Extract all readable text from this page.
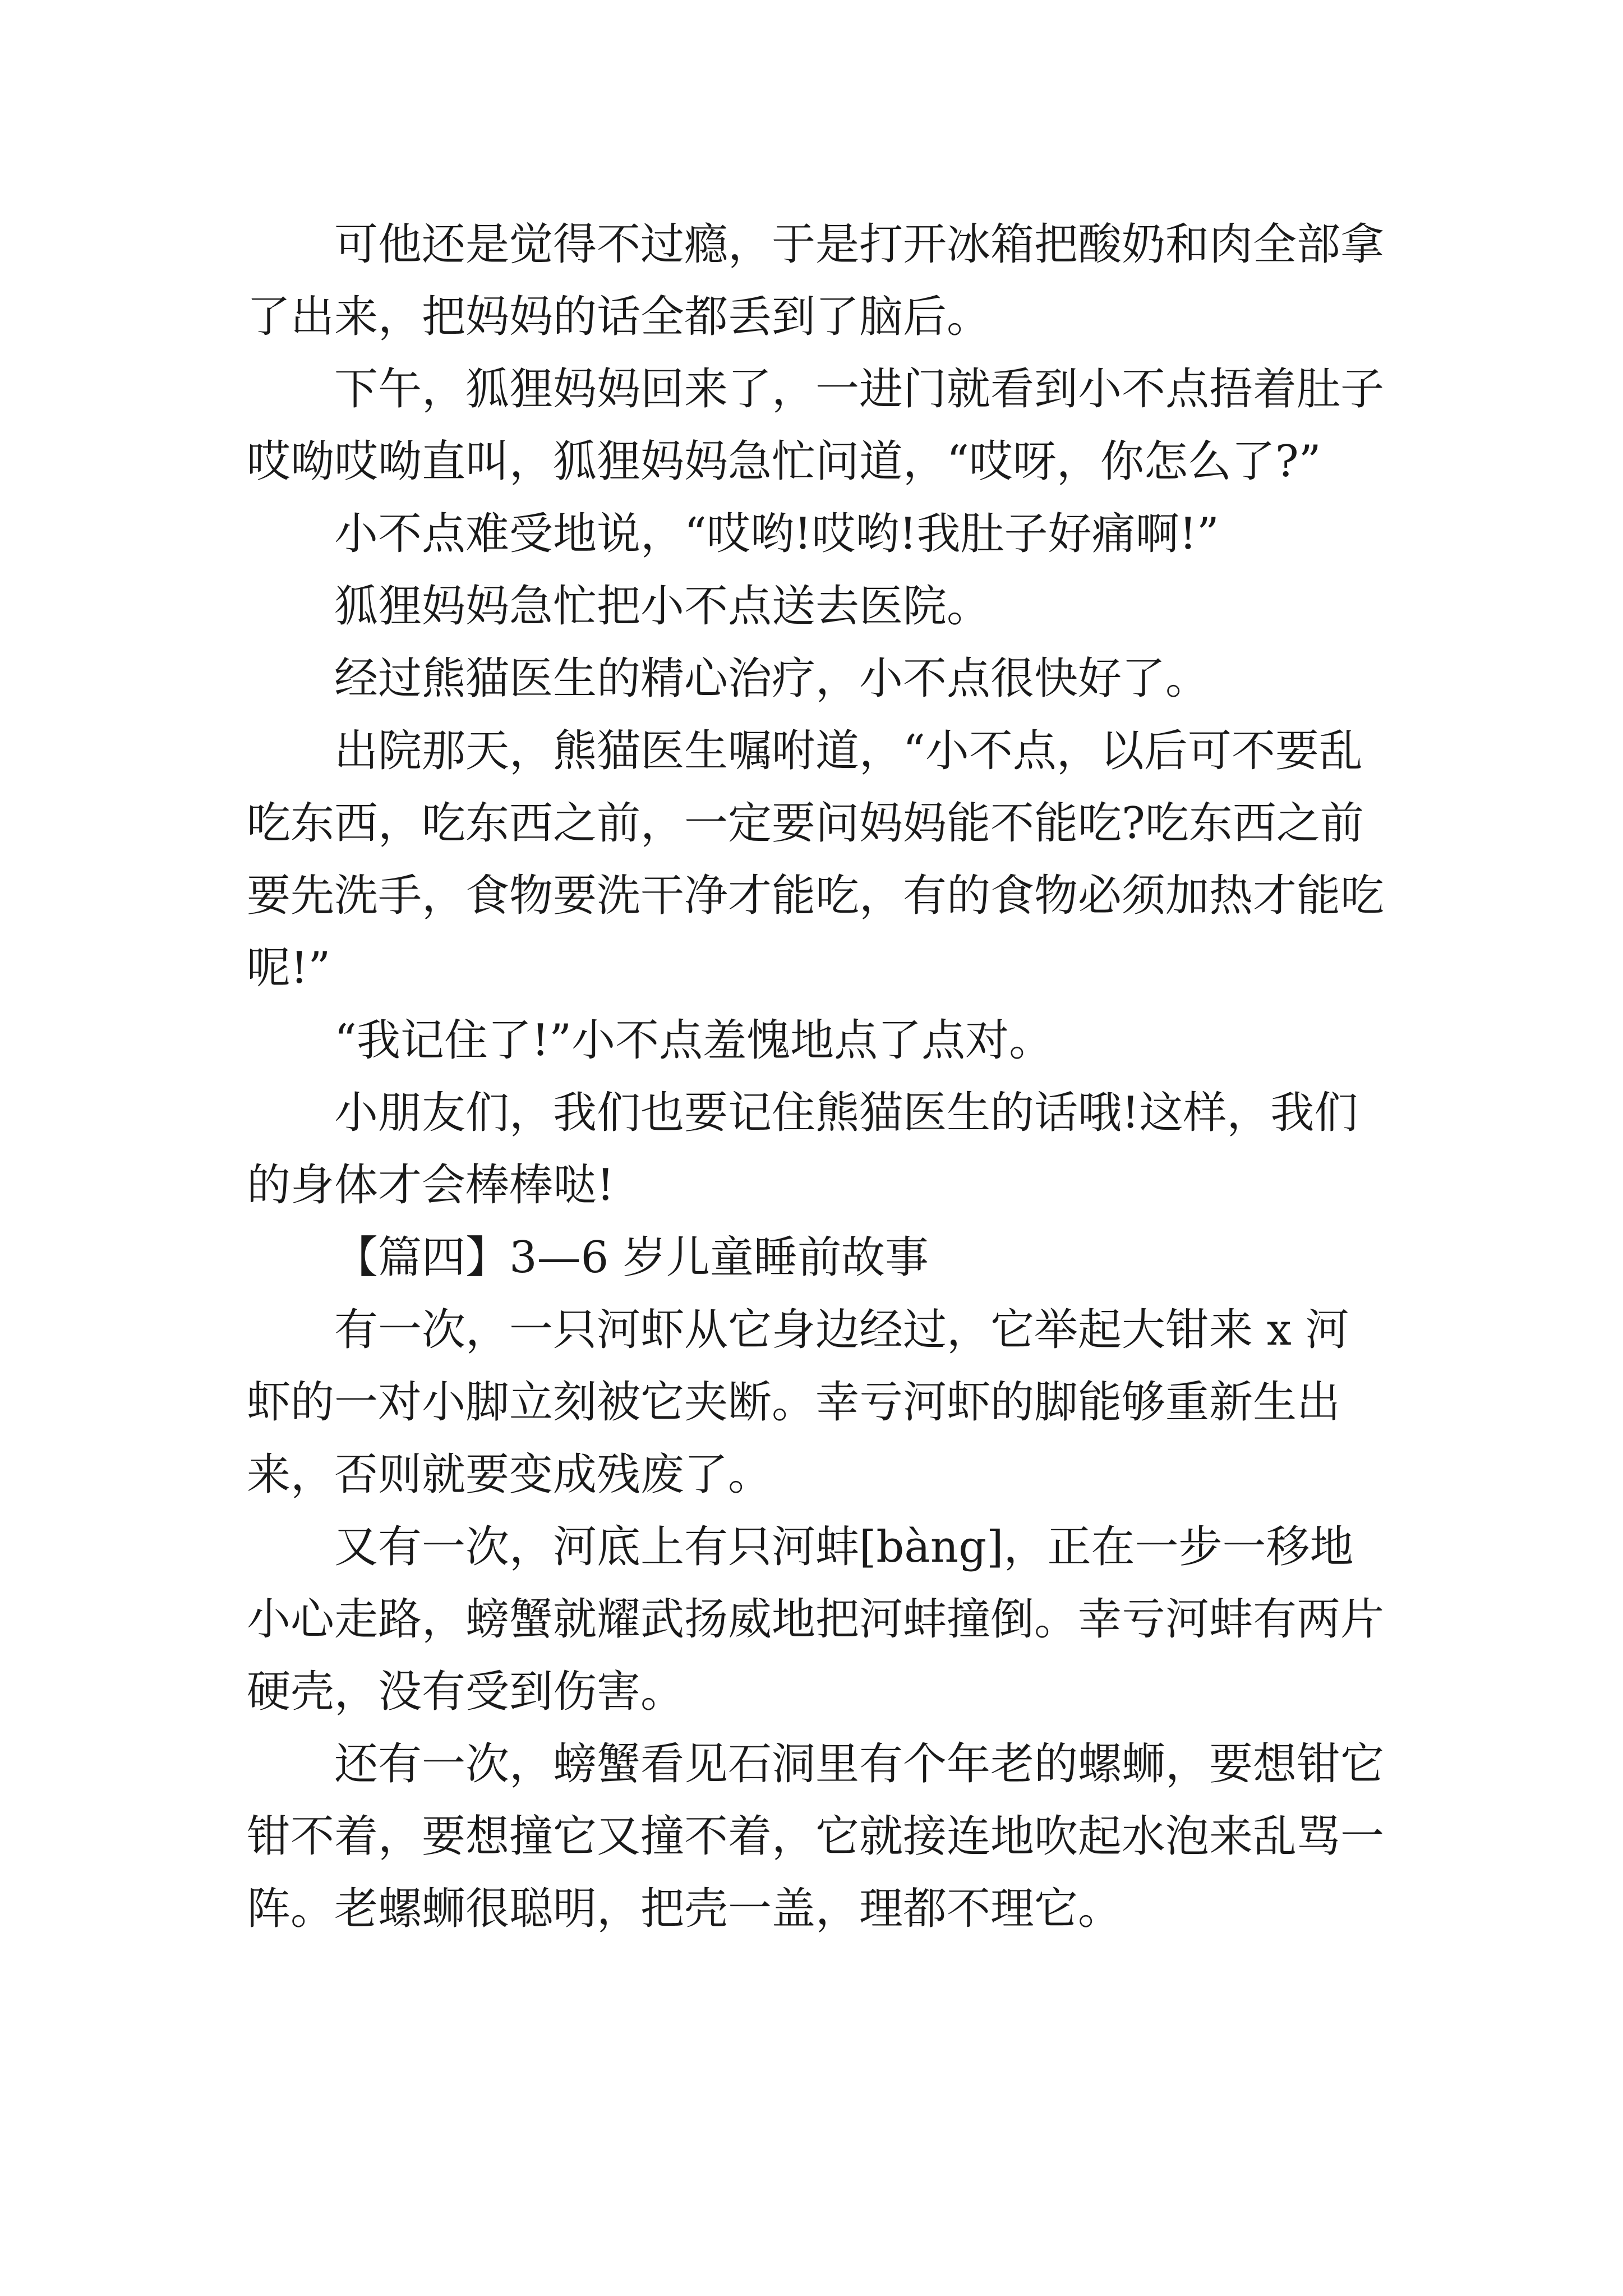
可他还是觉得不过瘾，于是打开冰箱把酸奶和肉全部拿了出来，把妈妈的话全都丢到了脑后。

下午，狐狸妈妈回来了，一进门就看到小不点捂着肚子哎呦哎呦直叫，狐狸妈妈急忙问道，“哎呀，你怎么了?”

小不点难受地说，“哎哟!哎哟!我肚子好痛啊!”

狐狸妈妈急忙把小不点送去医院。

经过熊猫医生的精心治疗，小不点很快好了。

出院那天，熊猫医生嘱咐道，“小不点，以后可不要乱吃东西，吃东西之前，一定要问妈妈能不能吃?吃东西之前要先洗手，食物要洗干净才能吃，有的食物必须加热才能吃呢!”

“我记住了!”小不点羞愧地点了点对。

小朋友们，我们也要记住熊猫医生的话哦!这样，我们的身体才会棒棒哒!

【篇四】3—6 岁儿童睡前故事

有一次，一只河虾从它身边经过，它举起大钳来 x 河虾的一对小脚立刻被它夹断。幸亏河虾的脚能够重新生出来，否则就要变成残废了。

又有一次，河底上有只河蚌[bàng]，正在一步一移地小心走路，螃蟹就耀武扬威地把河蚌撞倒。幸亏河蚌有两片硬壳，没有受到伤害。

还有一次，螃蟹看见石洞里有个年老的螺蛳，要想钳它钳不着，要想撞它又撞不着，它就接连地吹起水泡来乱骂一阵。老螺蛳很聪明，把壳一盖，理都不理它。
